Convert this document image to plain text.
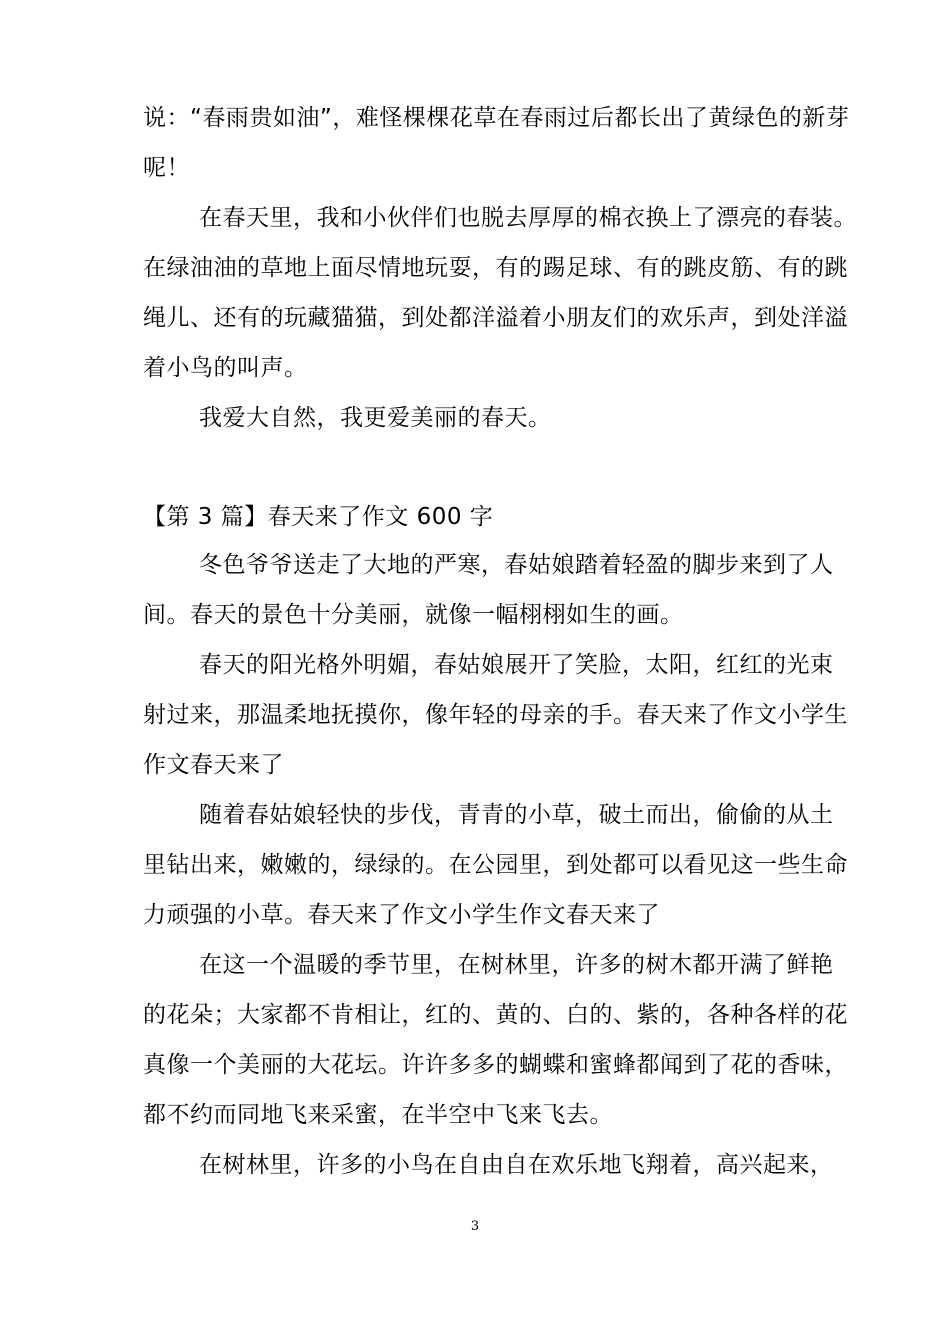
说：“春雨贵如油”，难怪棵棵花草在春雨过后都长出了黄绿色的新芽
呢！
在春天里，我和小伙伴们也脱去厚厚的棉衣换上了漂亮的春装。
在绿油油的草地上面尽情地玩耍，有的踢足球、有的跳皮筋、有的跳
绳儿、还有的玩藏猫猫，到处都洋溢着小朋友们的欢乐声，到处洋溢
着小鸟的叫声。
我爱大自然，我更爱美丽的春天。
【第 3 篇】春天来了作文 600 字
冬色爷爷送走了大地的严寒，春姑娘踏着轻盈的脚步来到了人
间。春天的景色十分美丽，就像一幅栩栩如生的画。
春天的阳光格外明媚，春姑娘展开了笑脸，太阳，红红的光束
射过来，那温柔地抚摸你，像年轻的母亲的手。春天来了作文小学生
作文春天来了
随着春姑娘轻快的步伐，青青的小草，破土而出，偷偷的从土
里钻出来，嫩嫩的，绿绿的。在公园里，到处都可以看见这一些生命
力顽强的小草。春天来了作文小学生作文春天来了
在这一个温暖的季节里，在树林里，许多的树木都开满了鲜艳
的花朵；大家都不肯相让，红的、黄的、白的、紫的，各种各样的花
真像一个美丽的大花坛。许许多多的蝴蝶和蜜蜂都闻到了花的香味，
都不约而同地飞来采蜜，在半空中飞来飞去。
在树林里，许多的小鸟在自由自在欢乐地飞翔着，高兴起来，
3
